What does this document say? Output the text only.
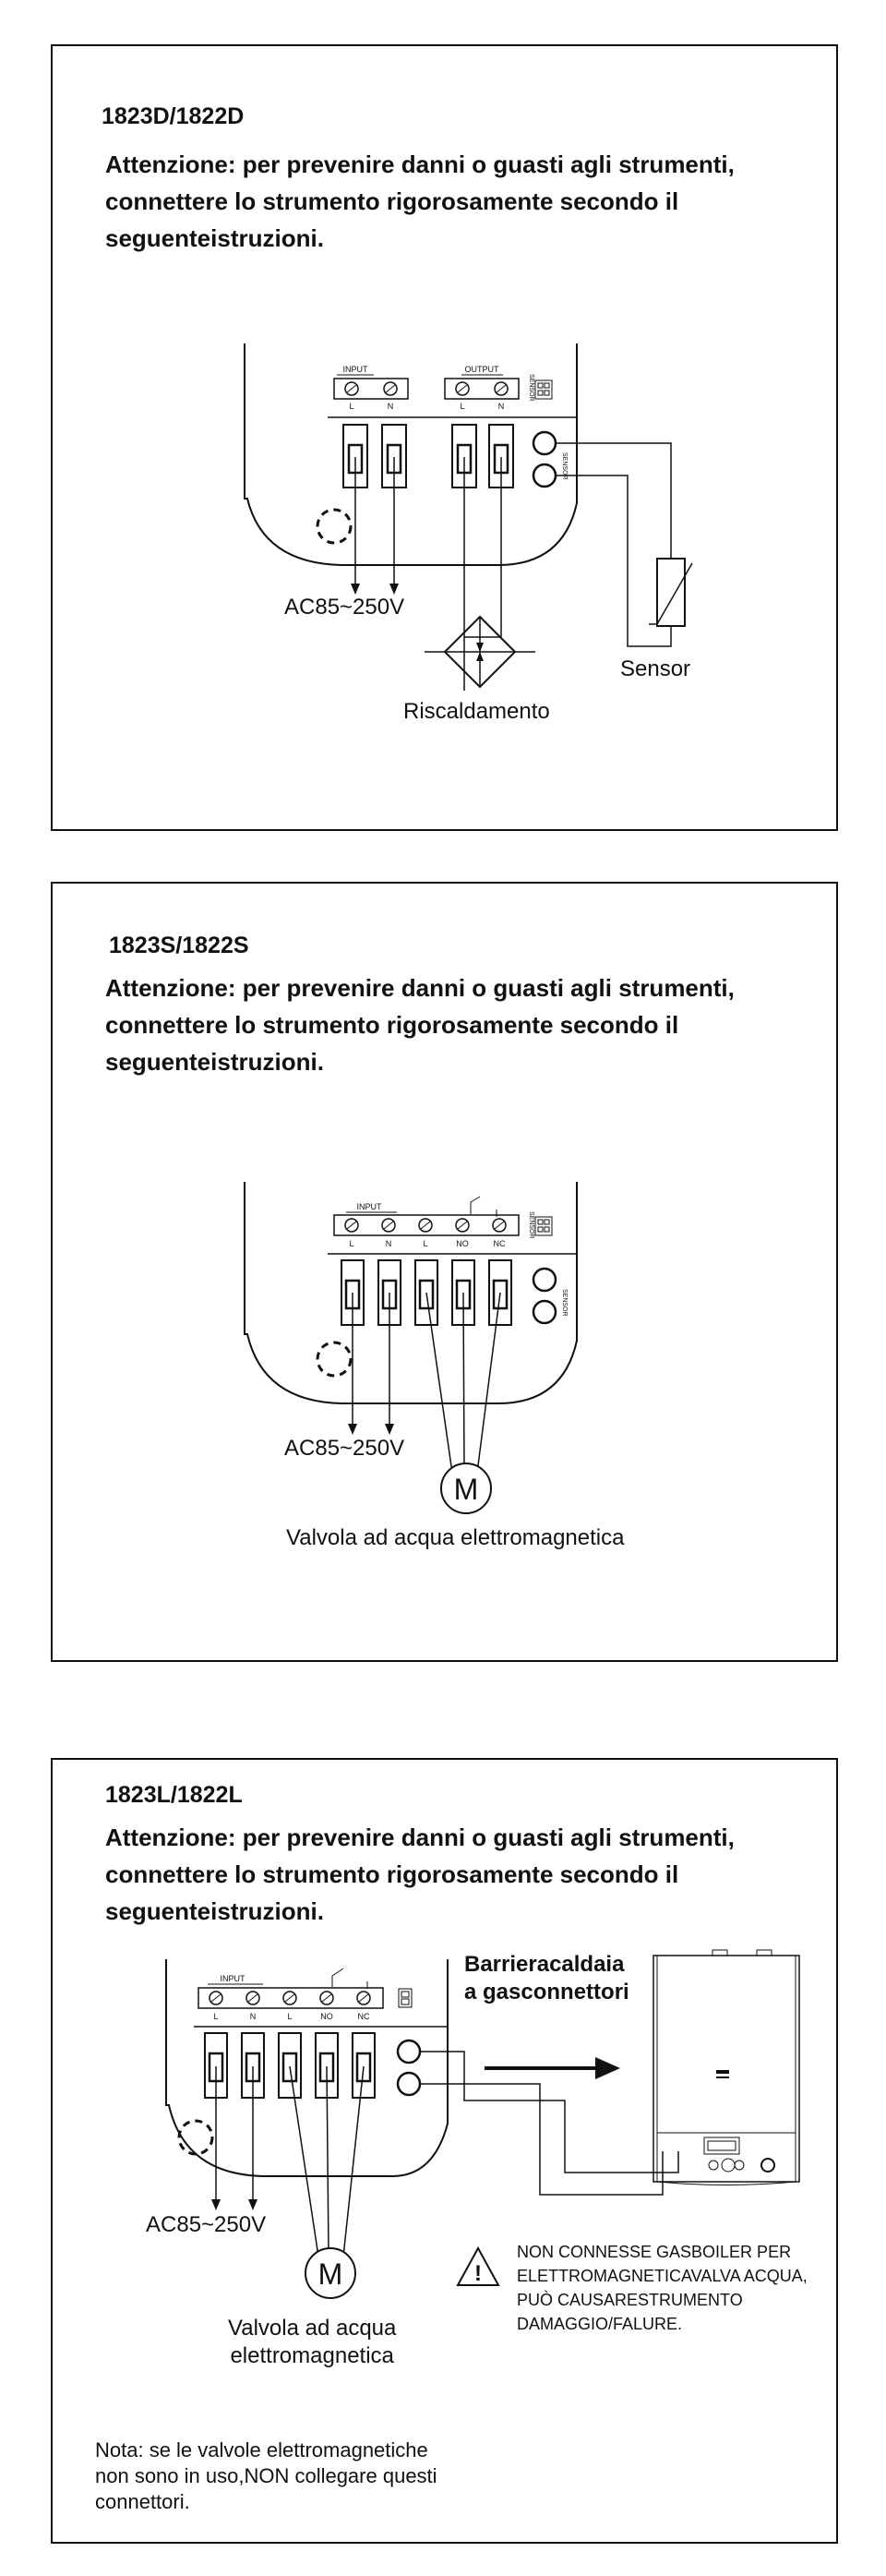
1823D/1822D
Attenzione: per prevenire danni o guasti agli strumenti,
connettere lo strumento rigorosamente secondo il
seguenteistruzioni.
INPUT	OUTPUT
L	N	L	N
SENSOR
SENSOR
AC85~250V
Riscaldamento
Sensor
1823S/1822S
Attenzione: per prevenire danni o guasti agli strumenti,
connettere lo strumento rigorosamente secondo il
seguenteistruzioni.
INPUT
L	N	L	NO	NC
SENSOR
SENSOR
AC85~250V
M
Valvola ad acqua elettromagnetica
1823L/1822L
Attenzione: per prevenire danni o guasti agli strumenti,
connettere lo strumento rigorosamente secondo il
seguenteistruzioni.
INPUT
L	N	L	NO	NC
AC85~250V
M	!
Barrieracaldaia
a gasconnettori
NON CONNESSE GASBOILER PER
ELETTROMAGNETICAVALVA ACQUA,
PUÒ CAUSARESTRUMENTO
DAMAGGIO/FALURE.
Valvola ad acqua
elettromagnetica
Nota: se le valvole elettromagnetiche
non sono in uso,NON collegare questi
connettori.
